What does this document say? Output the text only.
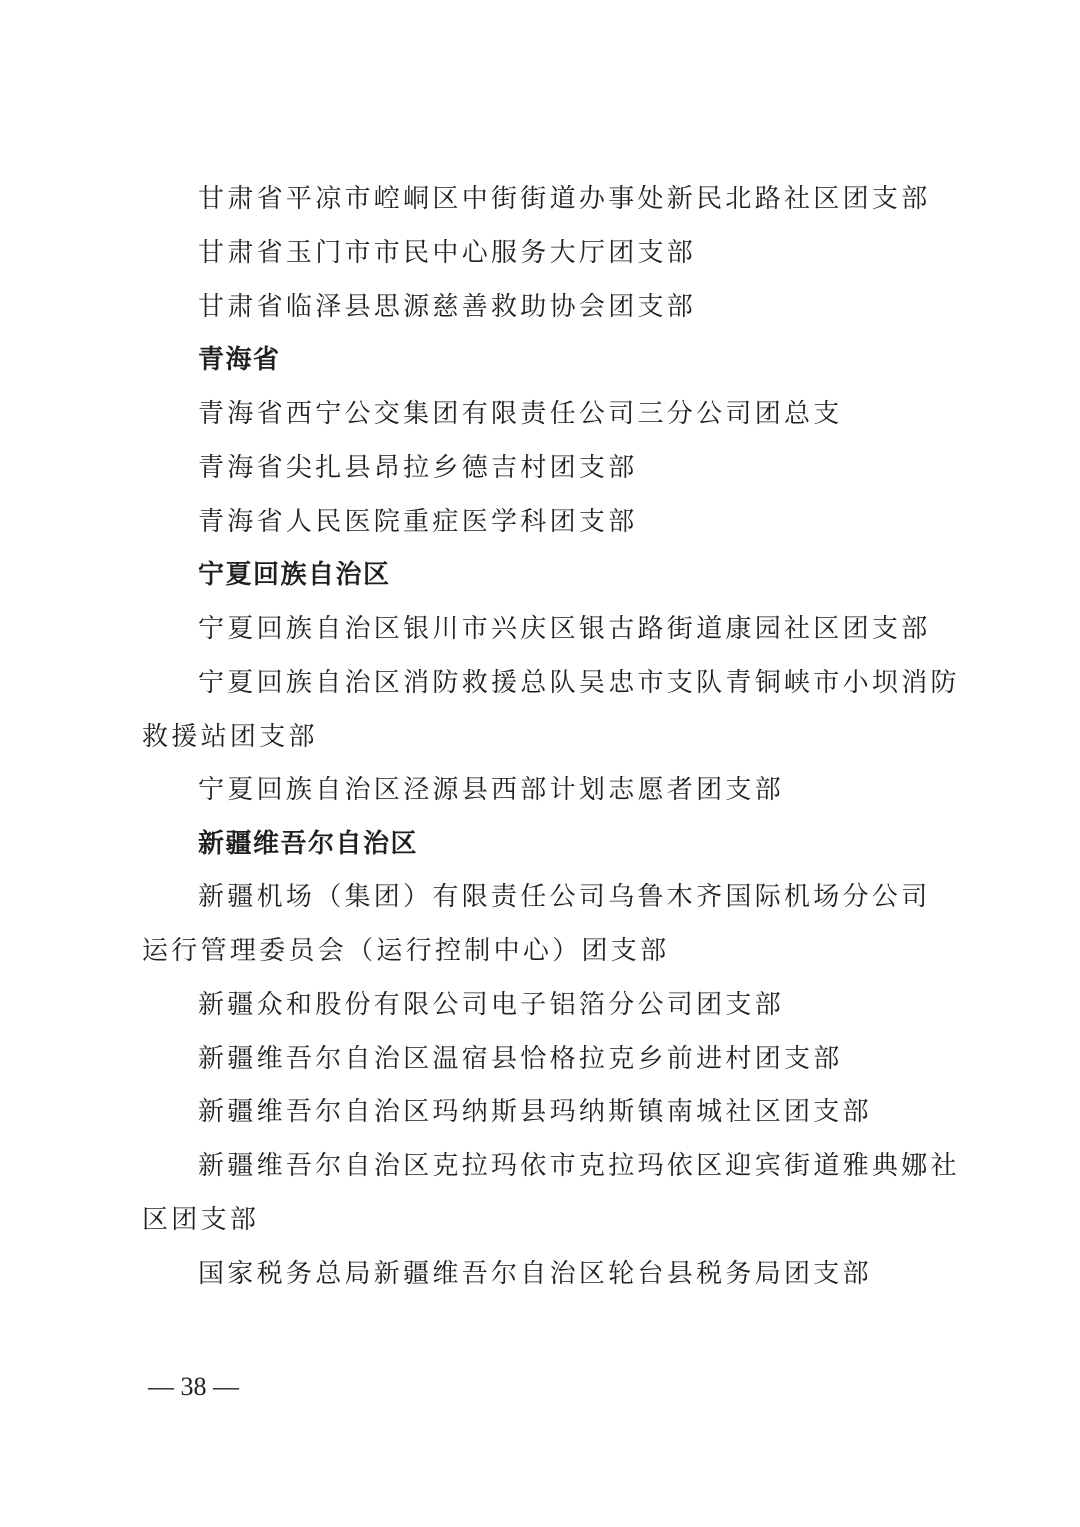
甘肃省平凉市崆峒区中街街道办事处新民北路社区团支部
甘肃省玉门市市民中心服务大厅团支部
甘肃省临泽县思源慈善救助协会团支部
青海省
青海省西宁公交集团有限责任公司三分公司团总支
青海省尖扎县昂拉乡德吉村团支部
青海省人民医院重症医学科团支部
宁夏回族自治区
宁夏回族自治区银川市兴庆区银古路街道康园社区团支部
宁夏回族自治区消防救援总队吴忠市支队青铜峡市小坝消防
救援站团支部
宁夏回族自治区泾源县西部计划志愿者团支部
新疆维吾尔自治区
新疆机场（集团）有限责任公司乌鲁木齐国际机场分公司
运行管理委员会（运行控制中心）团支部
新疆众和股份有限公司电子铝箔分公司团支部
新疆维吾尔自治区温宿县恰格拉克乡前进村团支部
新疆维吾尔自治区玛纳斯县玛纳斯镇南城社区团支部
新疆维吾尔自治区克拉玛依市克拉玛依区迎宾街道雅典娜社
区团支部
国家税务总局新疆维吾尔自治区轮台县税务局团支部
— 38 —
